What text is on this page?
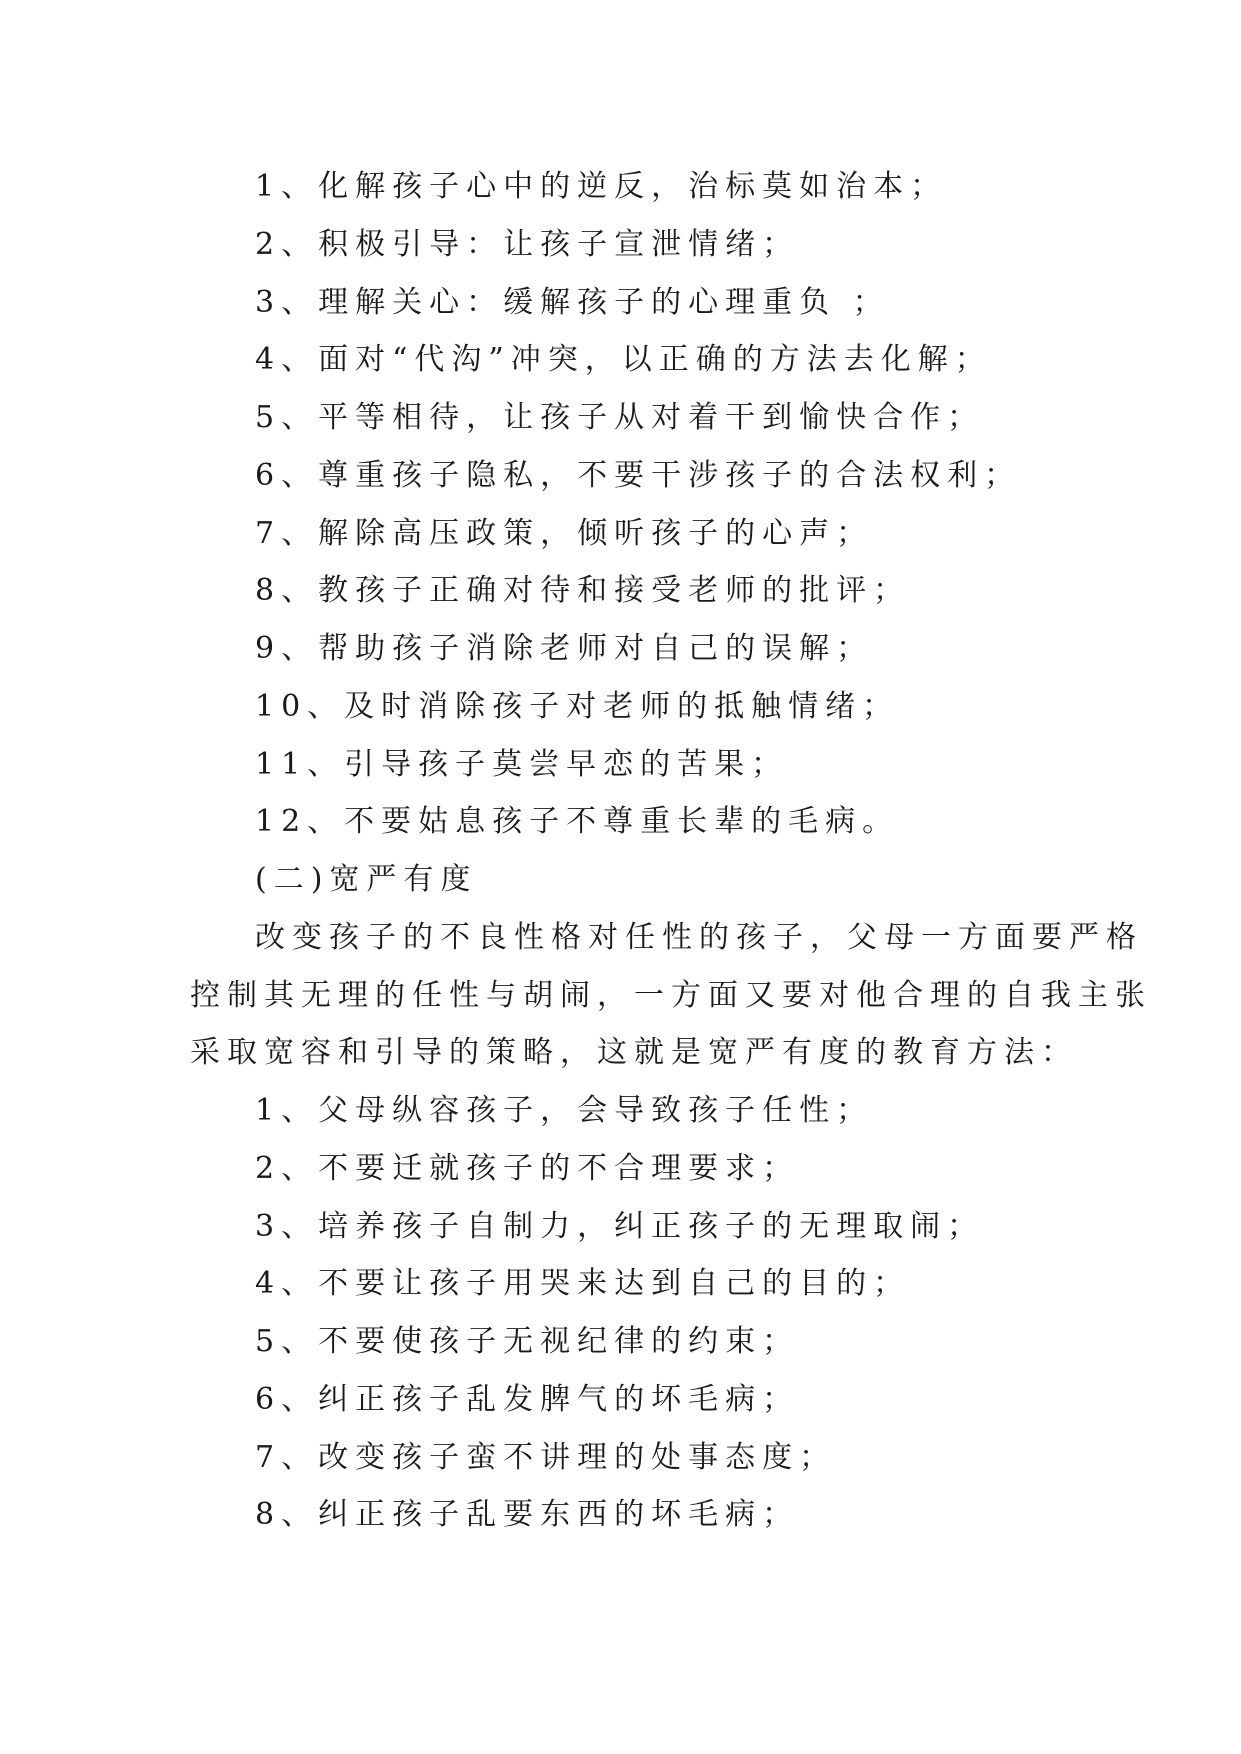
1、化解孩子心中的逆反，治标莫如治本；
2、积极引导：让孩子宣泄情绪；
3、理解关心：缓解孩子的心理重负 ；
4、面对“代沟”冲突，以正确的方法去化解；
5、平等相待，让孩子从对着干到愉快合作；
6、尊重孩子隐私，不要干涉孩子的合法权利；
7、解除高压政策，倾听孩子的心声；
8、教孩子正确对待和接受老师的批评；
9、帮助孩子消除老师对自己的误解；
10、及时消除孩子对老师的抵触情绪；
11、引导孩子莫尝早恋的苦果；
12、不要姑息孩子不尊重长辈的毛病。
(二)宽严有度
改变孩子的不良性格对任性的孩子，父母一方面要严格
控制其无理的任性与胡闹，一方面又要对他合理的自我主张
采取宽容和引导的策略，这就是宽严有度的教育方法：
1、父母纵容孩子，会导致孩子任性；
2、不要迁就孩子的不合理要求；
3、培养孩子自制力，纠正孩子的无理取闹；
4、不要让孩子用哭来达到自己的目的；
5、不要使孩子无视纪律的约束；
6、纠正孩子乱发脾气的坏毛病；
7、改变孩子蛮不讲理的处事态度；
8、纠正孩子乱要东西的坏毛病；
